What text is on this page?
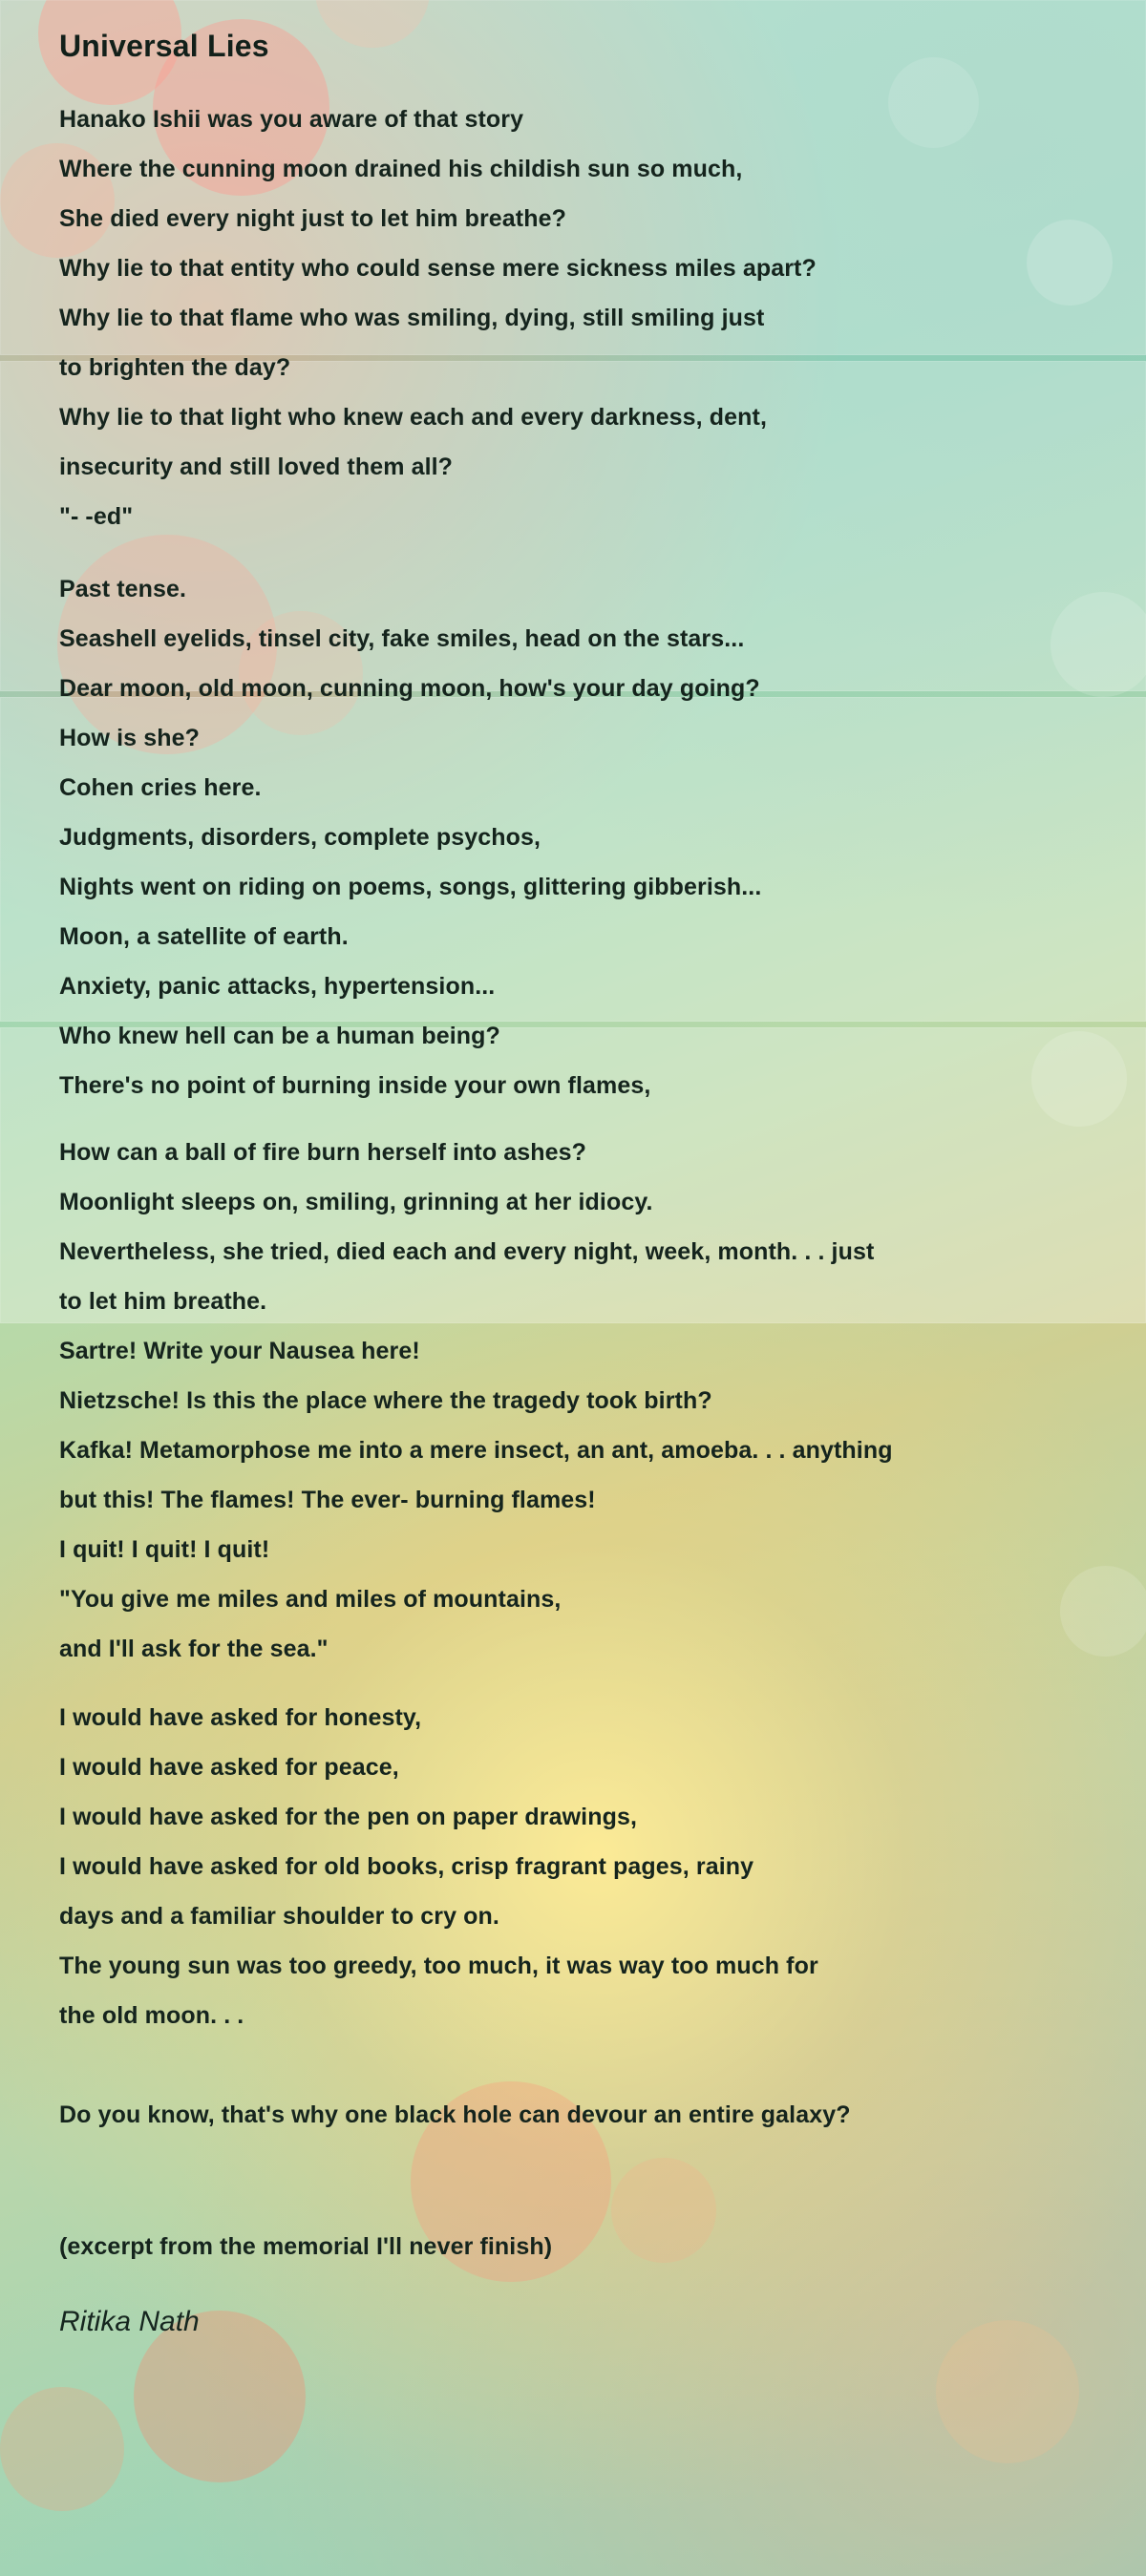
Universal Lies
Hanako Ishii was you aware of that story
Where the cunning moon drained his childish sun so much,
She died every night just to let him breathe?
Why lie to that entity who could sense mere sickness miles apart?
Why lie to that flame who was smiling, dying, still smiling just
to brighten the day?
Why lie to that light who knew each and every darkness, dent,
insecurity and still loved them all?
"- -ed"
Past tense.
Seashell eyelids, tinsel city, fake smiles, head on the stars...
Dear moon, old moon, cunning moon, how's your day going?
How is she?
Cohen cries here.
Judgments, disorders, complete psychos,
Nights went on riding on poems, songs, glittering gibberish...
Moon, a satellite of earth.
Anxiety, panic attacks, hypertension...
Who knew hell can be a human being?
There's no point of burning inside your own flames,
How can a ball of fire burn herself into ashes?
Moonlight sleeps on, smiling, grinning at her idiocy.
Nevertheless, she tried, died each and every night, week, month. . . just
to let him breathe.
Sartre! Write your Nausea here!
Nietzsche! Is this the place where the tragedy took birth?
Kafka! Metamorphose me into a mere insect, an ant, amoeba. . . anything
but this! The flames! The ever- burning flames!
I quit! I quit! I quit!
"You give me miles and miles of mountains,
and I'll ask for the sea."
I would have asked for honesty,
I would have asked for peace,
I would have asked for the pen on paper drawings,
I would have asked for old books, crisp fragrant pages, rainy
days and a familiar shoulder to cry on.
The young sun was too greedy, too much, it was way too much for
the old moon. . .
Do you know, that's why one black hole can devour an entire galaxy?
(excerpt from the memorial I'll never finish)
Ritika Nath
